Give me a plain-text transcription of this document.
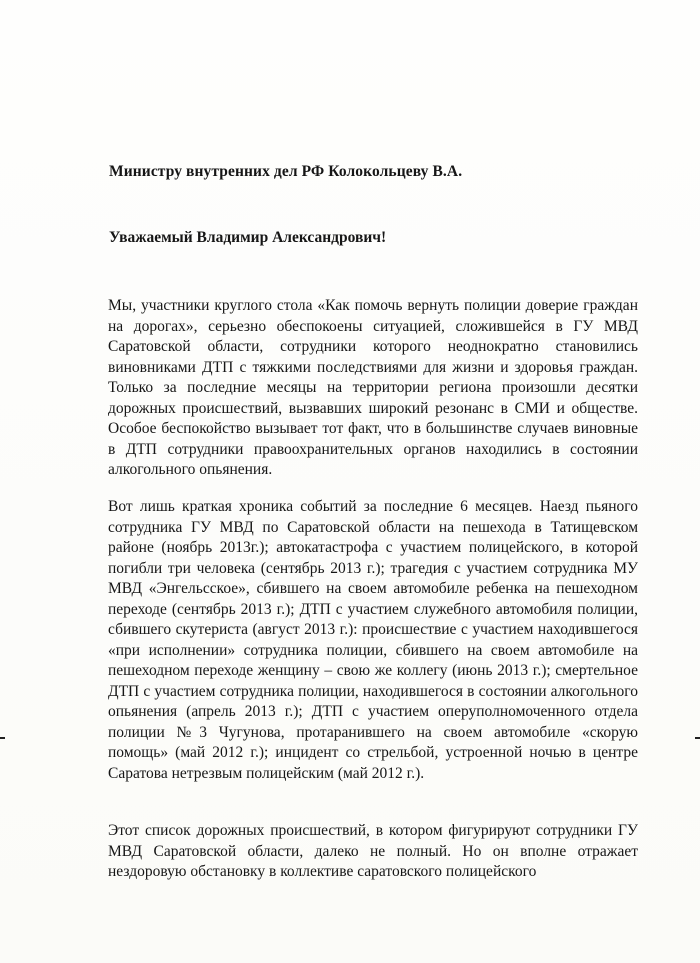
Министру внутренних дел РФ Колокольцеву В.А.
Уважаемый Владимир Александрович!

Мы, участники круглого стола «Как помочь вернуть полиции доверие граждан на дорогах», серьезно обеспокоены ситуацией, сложившейся в ГУ МВД Саратовской области, сотрудники которого неоднократно становились виновниками ДТП с тяжкими последствиями для жизни и здоровья граждан. Только за последние месяцы на территории региона произошли десятки дорожных происшествий, вызвавших широкий резонанс в СМИ и обществе. Особое беспокойство вызывает тот факт, что в большинстве случаев виновные в ДТП сотрудники правоохранительных органов находились в состоянии алкогольного опьянения.

Вот лишь краткая хроника событий за последние 6 месяцев. Наезд пьяного сотрудника ГУ МВД по Саратовской области на пешехода в Татищевском районе (ноябрь 2013г.); автокатастрофа с участием полицейского, в которой погибли три человека (сентябрь 2013 г.); трагедия с участием сотрудника МУ МВД «Энгельсское», сбившего на своем автомобиле ребенка на пешеходном переходе (сентябрь 2013 г.); ДТП с участием служебного автомобиля полиции, сбившего скутериста (август 2013 г.): происшествие с участием находившегося «при исполнении» сотрудника полиции, сбившего на своем автомобиле на пешеходном переходе женщину – свою же коллегу (июнь 2013 г.); смертельное ДТП с участием сотрудника полиции, находившегося в состоянии алкогольного опьянения (апрель 2013 г.); ДТП с участием оперуполномоченного отдела полиции №3 Чугунова, протаранившего на своем автомобиле «скорую помощь» (май 2012 г.); инцидент со стрельбой, устроенной ночью в центре Саратова нетрезвым полицейским (май 2012 г.).

Этот список дорожных происшествий, в котором фигурируют сотрудники ГУ МВД Саратовской области, далеко не полный. Но он вполне отражает нездоровую обстановку в коллективе саратовского полицейского
